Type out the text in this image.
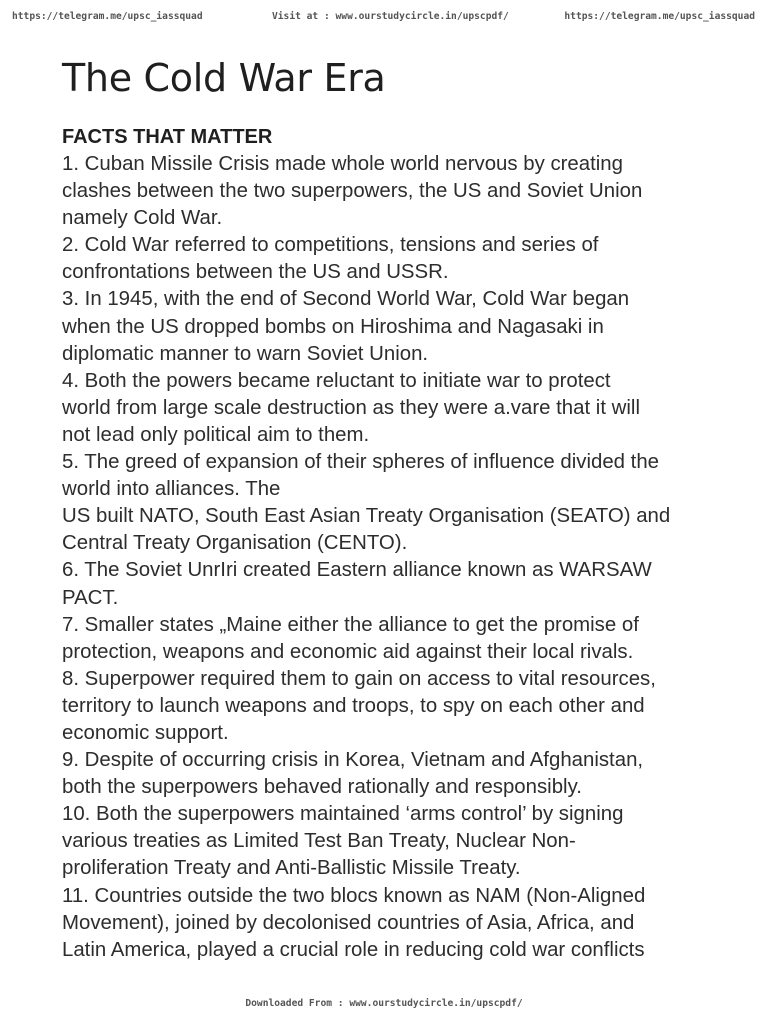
https://telegram.me/upsc_iassquad	Visit at : www.ourstudycircle.in/upscpdf/	https://telegram.me/upsc_iassquad
The Cold War Era
FACTS THAT MATTER
1. Cuban Missile Crisis made whole world nervous by creating
clashes between the two superpowers, the US and Soviet Union
namely Cold War.
2. Cold War referred to competitions, tensions and series of
confrontations between the US and USSR.
3. In 1945, with the end of Second World War, Cold War began
when the US dropped bombs on Hiroshima and Nagasaki in
diplomatic manner to warn Soviet Union.
4. Both the powers became reluctant to initiate war to protect
world from large scale destruction as they were a.vare that it will
not lead only political aim to them.
5. The greed of expansion of their spheres of influence divided the
world into alliances. The
US built NATO, South East Asian Treaty Organisation (SEATO) and
Central Treaty Organisation (CENTO).
6. The Soviet UnrIri created Eastern alliance known as WARSAW
PACT.
7. Smaller states „Maine either the alliance to get the promise of
protection, weapons and economic aid against their local rivals.
8. Superpower required them to gain on access to vital resources,
territory to launch weapons and troops, to spy on each other and
economic support.
9. Despite of occurring crisis in Korea, Vietnam and Afghanistan,
both the superpowers behaved rationally and responsibly.
10. Both the superpowers maintained ‘arms control’ by signing
various treaties as Limited Test Ban Treaty, Nuclear Non-
proliferation Treaty and Anti-Ballistic Missile Treaty.
11. Countries outside the two blocs known as NAM (Non-Aligned
Movement), joined by decolonised countries of Asia, Africa, and
Latin America, played a crucial role in reducing cold war conflicts
Downloaded From : www.ourstudycircle.in/upscpdf/
